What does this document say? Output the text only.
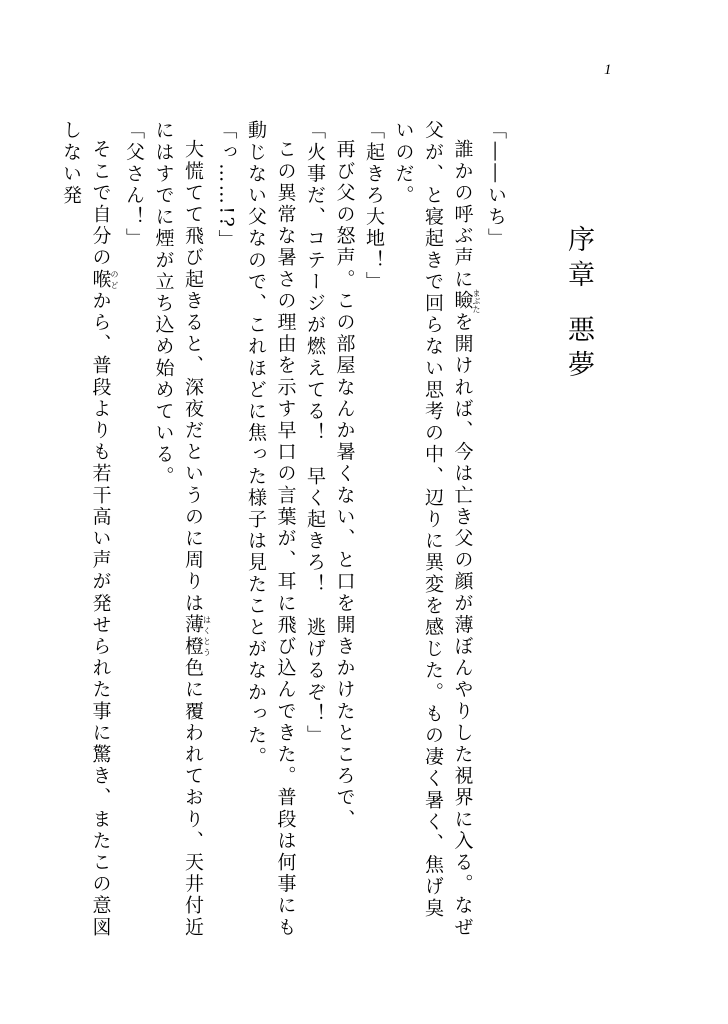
1
序章悪夢

「――いち」

誰かの呼ぶ声に瞼まぶたを開ければ、今は亡き父の顔が薄ぼんやりした視界に入る。なぜ父が、と寝起きで回らない思考の中、辺りに異変を感じた。もの凄く暑く、焦げ臭いのだ。

「起きろ大地！」

再び父の怒声。この部屋なんか暑くない、と口を開きかけたところで、

「火事だ、コテージが燃えてる！　早く起きろ！　逃げるぞ！」

この異常な暑さの理由を示す早口の言葉が、耳に飛び込んできた。普段は何事にも動じない父なので、これほどに焦った様子は見たことがなかった。

「っ……!?」

大慌てて飛び起きると、深夜だというのに周りは薄橙はくとう色に覆われており、天井付近にはすでに煙が立ち込め始めている。

「父さん！」

そこで自分の喉のどから、普段よりも若干高い声が発せられた事に驚き、またこの意図しない発
